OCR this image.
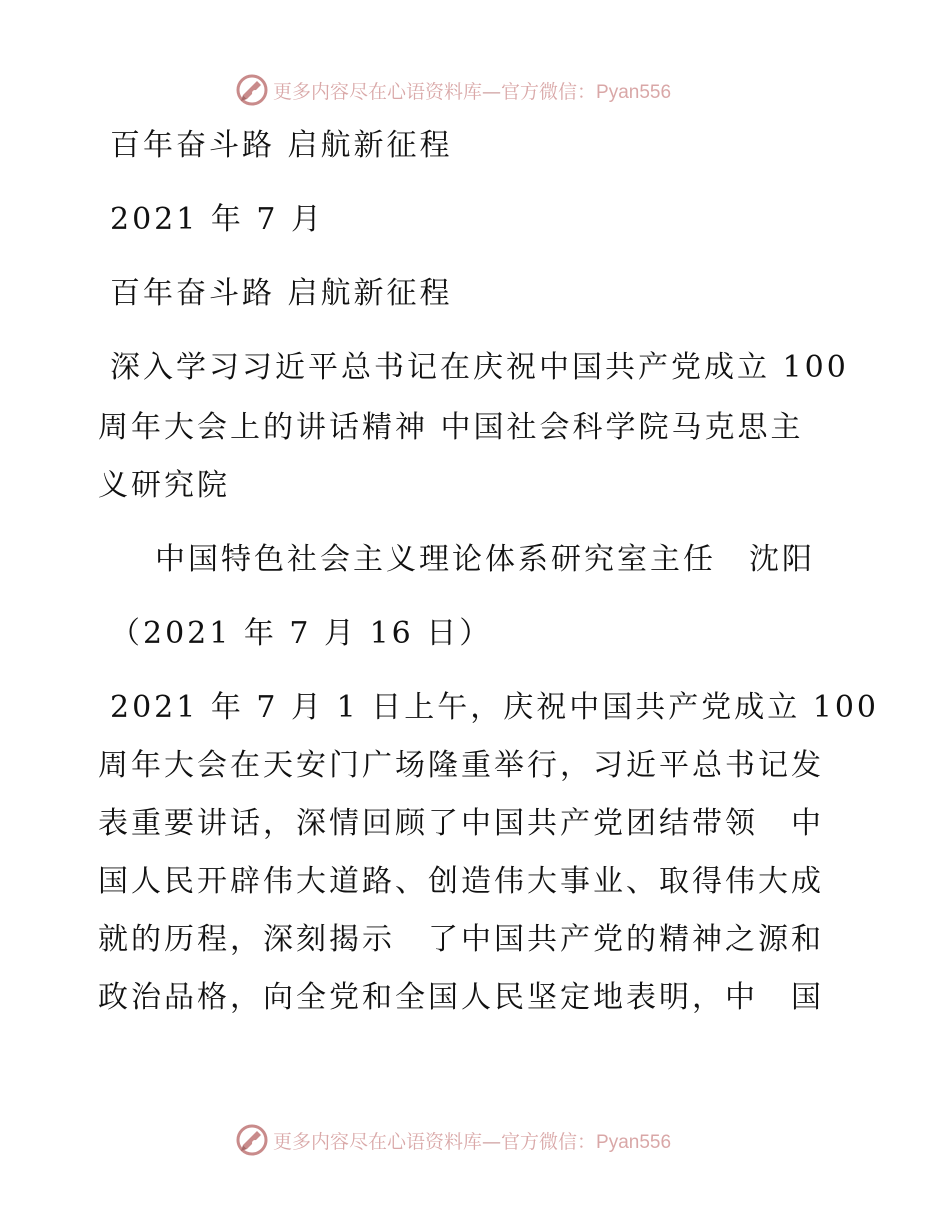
更多内容尽在心语资料库—官方微信：Pyan556
百年奋斗路 启航新征程
2021 年 7 月
百年奋斗路 启航新征程
深入学习习近平总书记在庆祝中国共产党成立 100
周年大会上的讲话精神 中国社会科学院马克思主
义研究院
中国特色社会主义理论体系研究室主任　沈阳
（2021 年 7 月 16 日）
2021 年 7 月 1 日上午，庆祝中国共产党成立 100
周年大会在天安门广场隆重举行，习近平总书记发
表重要讲话，深情回顾了中国共产党团结带领　中
国人民开辟伟大道路、创造伟大事业、取得伟大成
就的历程，深刻揭示　了中国共产党的精神之源和
政治品格，向全党和全国人民坚定地表明，中　国
更多内容尽在心语资料库—官方微信：Pyan556
